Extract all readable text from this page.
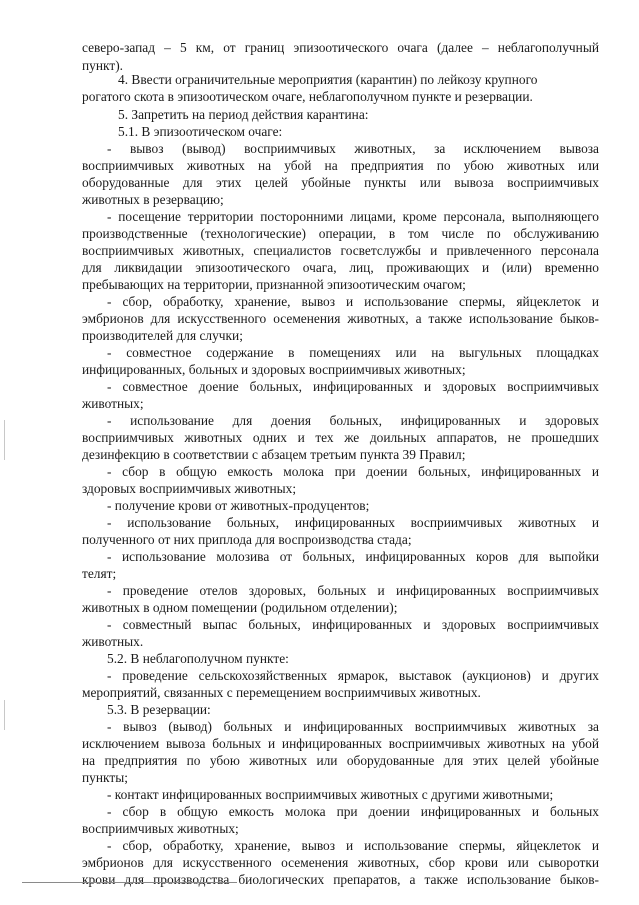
северо-запад – 5 км, от границ эпизоотического очага (далее – неблагополучный
пункт).
4. Ввести ограничительные мероприятия (карантин) по лейкозу крупного
рогатого скота в эпизоотическом очаге, неблагополучном пункте и резервации.
5. Запретить на период действия карантина:
5.1. В эпизоотическом очаге:
- вывоз (вывод) восприимчивых животных, за исключением вывоза
восприимчивых животных на убой на предприятия по убою животных или
оборудованные для этих целей убойные пункты или вывоза восприимчивых
животных в резервацию;
- посещение территории посторонними лицами, кроме персонала, выполняющего
производственные (технологические) операции, в том числе по обслуживанию
восприимчивых животных, специалистов госветслужбы и привлеченного персонала
для ликвидации эпизоотического очага, лиц, проживающих и (или) временно
пребывающих на территории, признанной эпизоотическим очагом;
- сбор, обработку, хранение, вывоз и использование спермы, яйцеклеток и
эмбрионов для искусственного осеменения животных, а также использование быков-
производителей для случки;
- совместное содержание в помещениях или на выгульных площадках
инфицированных, больных и здоровых восприимчивых животных;
- совместное доение больных, инфицированных и здоровых восприимчивых
животных;
- использование для доения больных, инфицированных и здоровых
восприимчивых животных одних и тех же доильных аппаратов, не прошедших
дезинфекцию в соответствии с абзацем третьим пункта 39 Правил;
- сбор в общую емкость молока при доении больных, инфицированных и
здоровых восприимчивых животных;
- получение крови от животных-продуцентов;
- использование больных, инфицированных восприимчивых животных и
полученного от них приплода для воспроизводства стада;
- использование молозива от больных, инфицированных коров для выпойки
телят;
- проведение отелов здоровых, больных и инфицированных восприимчивых
животных в одном помещении (родильном отделении);
- совместный выпас больных, инфицированных и здоровых восприимчивых
животных.
5.2. В неблагополучном пункте:
- проведение сельскохозяйственных ярмарок, выставок (аукционов) и других
мероприятий, связанных с перемещением восприимчивых животных.
5.3. В резервации:
- вывоз (вывод) больных и инфицированных восприимчивых животных за
исключением вывоза больных и инфицированных восприимчивых животных на убой
на предприятия по убою животных или оборудованные для этих целей убойные
пункты;
- контакт инфицированных восприимчивых животных с другими животными;
- сбор в общую емкость молока при доении инфицированных и больных
восприимчивых животных;
- сбор, обработку, хранение, вывоз и использование спермы, яйцеклеток и
эмбрионов для искусственного осеменения животных, сбор крови или сыворотки
крови для производства биологических препаратов, а также использование быков-
